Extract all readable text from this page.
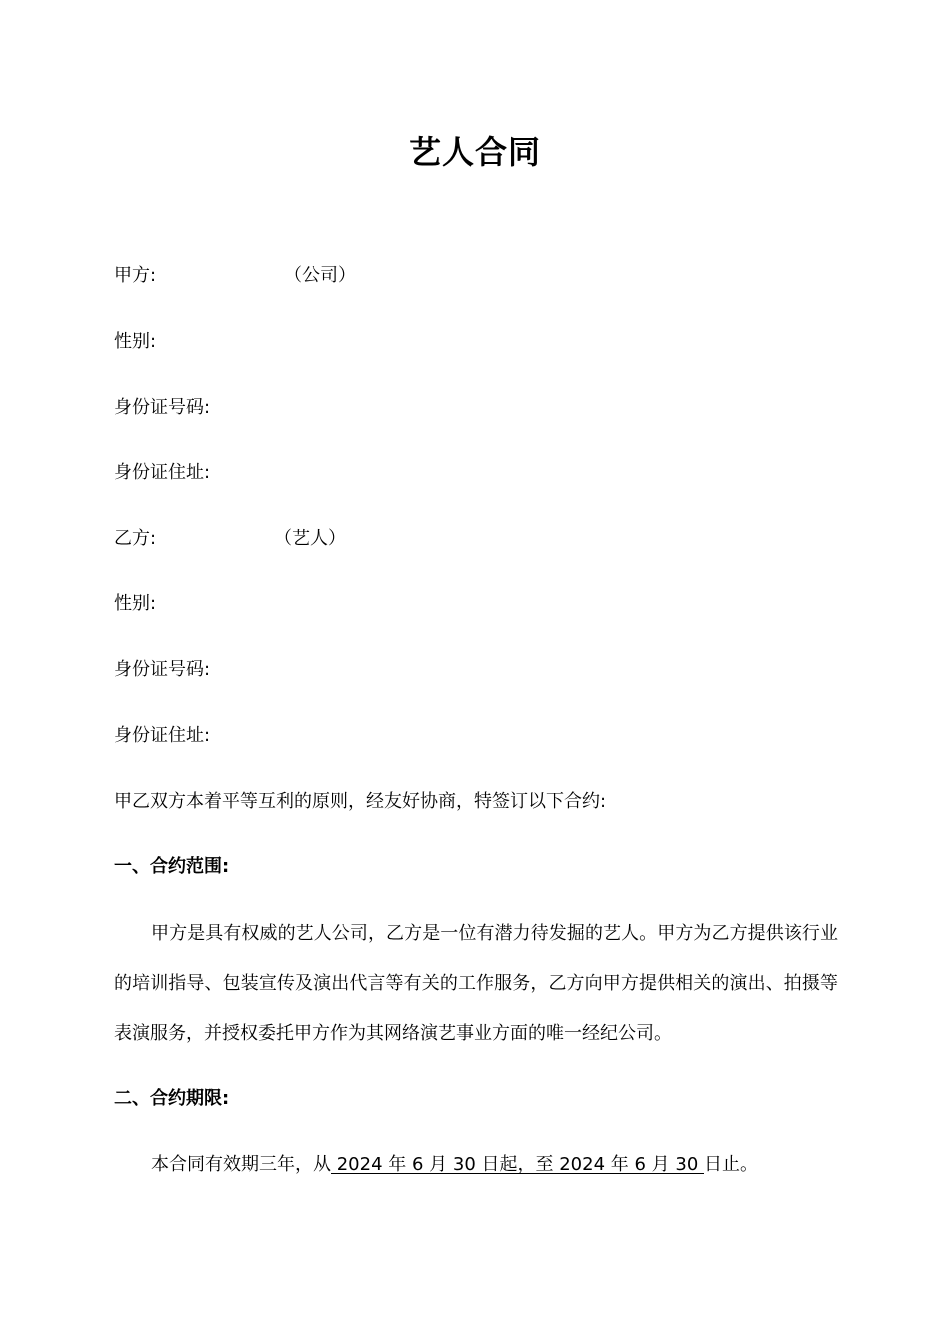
艺人合同
甲方:	（公司）
性别:
身份证号码:
身份证住址:
乙方:	（艺人）
性别:
身份证号码:
身份证住址:
甲乙双方本着平等互利的原则，经友好协商，特签订以下合约:
一、合约范围:
甲方是具有权威的艺人公司，乙方是一位有潜力待发掘的艺人。甲方为乙方提供该行业的培训指导、包装宣传及演出代言等有关的工作服务，乙方向甲方提供相关的演出、拍摄等表演服务，并授权委托甲方作为其网络演艺事业方面的唯一经纪公司。
二、合约期限:
本合同有效期三年，从 2024 年 6 月 30 日起，至 2024 年 6 月 30 日止。
